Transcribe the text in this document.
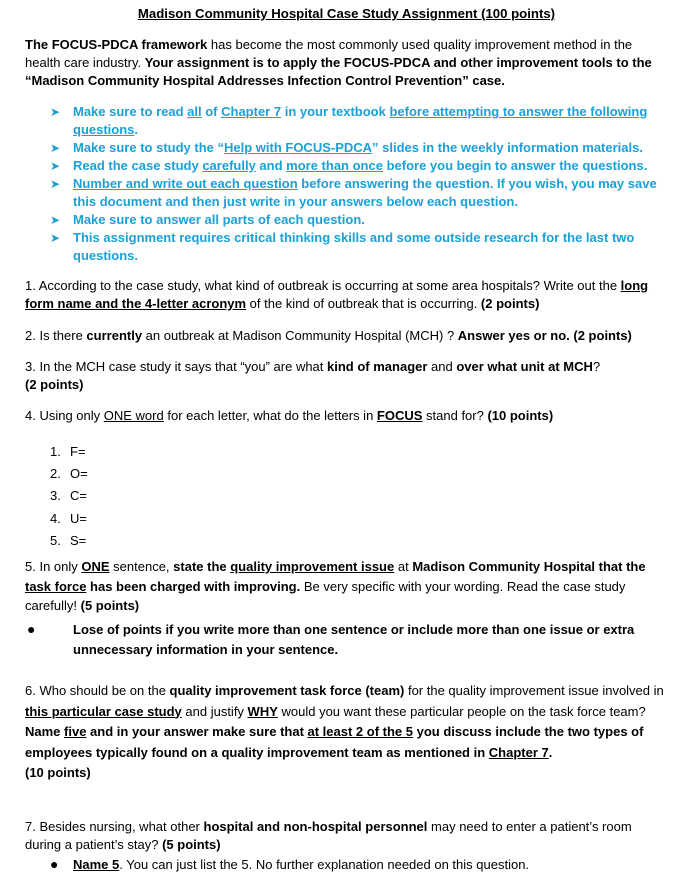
Madison Community Hospital Case Study Assignment (100 points)
The FOCUS-PDCA framework has become the most commonly used quality improvement method in the health care industry. Your assignment is to apply the FOCUS-PDCA and other improvement tools to the “Madison Community Hospital Addresses Infection Control Prevention” case.
➤ Make sure to read all of Chapter 7 in your textbook before attempting to answer the following questions.
➤ Make sure to study the “Help with FOCUS-PDCA” slides in the weekly information materials.
➤ Read the case study carefully and more than once before you begin to answer the questions.
➤ Number and write out each question before answering the question. If you wish, you may save this document and then just write in your answers below each question.
➤ Make sure to answer all parts of each question.
➤ This assignment requires critical thinking skills and some outside research for the last two questions.
1. According to the case study, what kind of outbreak is occurring at some area hospitals? Write out the long form name and the 4-letter acronym of the kind of outbreak that is occurring. (2 points)
2. Is there currently an outbreak at Madison Community Hospital (MCH) ? Answer yes or no. (2 points)
3. In the MCH case study it says that “you” are what kind of manager and over what unit at MCH?
(2 points)
4. Using only ONE word for each letter, what do the letters in FOCUS stand for? (10 points)
1. F=
2. O=
3. C=
4. U=
5. S=
5. In only ONE sentence, state the quality improvement issue at Madison Community Hospital that the task force has been charged with improving. Be very specific with your wording. Read the case study carefully! (5 points)
●	Lose of points if you write more than one sentence or include more than one issue or extra unnecessary information in your sentence.
6. Who should be on the quality improvement task force (team) for the quality improvement issue involved in this particular case study and justify WHY would you want these particular people on the task force team? Name five and in your answer make sure that at least 2 of the 5 you discuss include the two types of employees typically found on a quality improvement team as mentioned in Chapter 7.
(10 points)
7. Besides nursing, what other hospital and non-hospital personnel may need to enter a patient’s room during a patient’s stay? (5 points)
● Name 5. You can just list the 5. No further explanation needed on this question.
